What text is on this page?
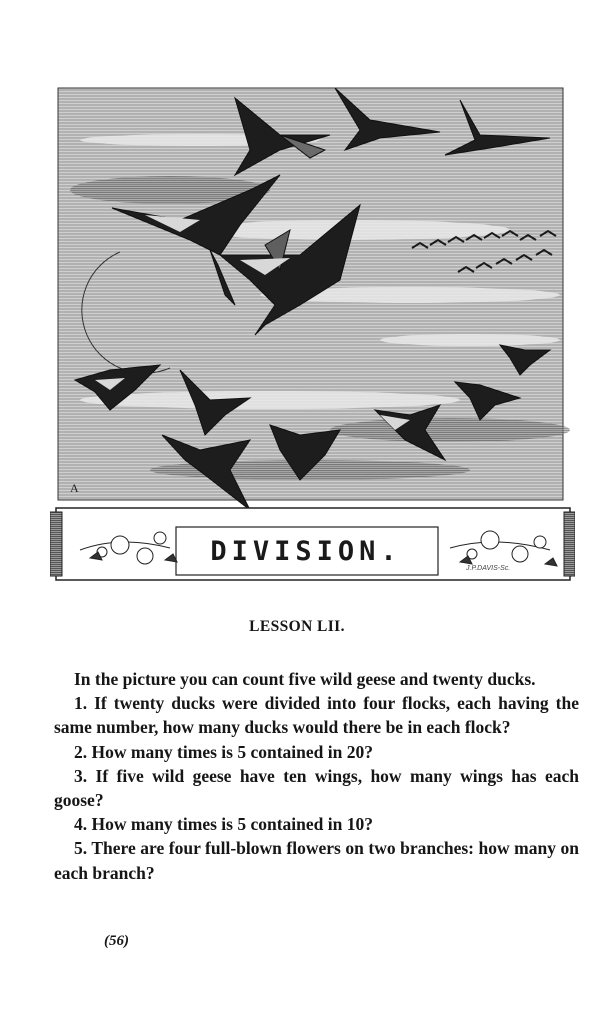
A
DIVISION.
J.P.DAVIS-Sc.
LESSON LII.

In the picture you can count five wild geese and twenty ducks.

1. If twenty ducks were divided into four flocks, each having the same number, how many ducks would there be in each flock?

2. How many times is 5 contained in 20?

3. If five wild geese have ten wings, how many wings has each goose?

4. How many times is 5 contained in 10?

5. There are four full-blown flowers on two branches: how many on each branch?

(56)
